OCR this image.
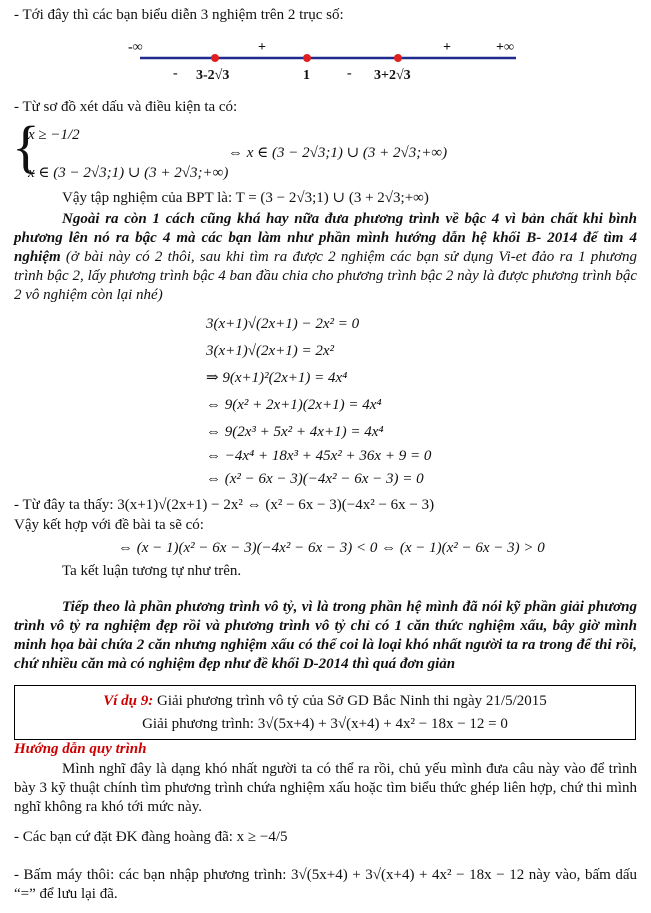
- Tới đây thì các bạn biểu diễn 3 nghiệm trên 2 trục số:
-∞	+∞
+	+
-	-
3-2√3	1	3+2√3
- Từ sơ đồ xét dấu và điều kiện ta có:
{
x ≥ −1/2
x ∈ (3 − 2√3;1) ∪ (3 + 2√3;+∞)
⇔ x ∈ (3 − 2√3;1) ∪ (3 + 2√3;+∞)
Vậy tập nghiệm của BPT là: T = (3 − 2√3;1) ∪ (3 + 2√3;+∞)
Ngoài ra còn 1 cách cũng khá hay nữa đưa phương trình về bậc 4 vì bản chất khi bình phương lên nó ra bậc 4 mà các bạn làm như phần mình hướng dẫn hệ khối B- 2014 để tìm 4 nghiệm (ở bài này có 2 thôi, sau khi tìm ra được 2 nghiệm các bạn sử dụng Vi-et đảo ra 1 phương trình bậc 2, lấy phương trình bậc 4 ban đầu chia cho phương trình bậc 2 này là được phương trình bậc 2 vô nghiệm còn lại nhé)
3(x+1)√(2x+1) − 2x² = 0
3(x+1)√(2x+1) = 2x²
⇒ 9(x+1)²(2x+1) = 4x⁴
⇔ 9(x² + 2x+1)(2x+1) = 4x⁴
⇔ 9(2x³ + 5x² + 4x+1) = 4x⁴
⇔ −4x⁴ + 18x³ + 45x² + 36x + 9 = 0
⇔ (x² − 6x − 3)(−4x² − 6x − 3) = 0
- Từ đây ta thấy: 3(x+1)√(2x+1) − 2x² ⇔ (x² − 6x − 3)(−4x² − 6x − 3)
Vậy kết hợp với đề bài ta sẽ có:
⇔ (x − 1)(x² − 6x − 3)(−4x² − 6x − 3) < 0 ⇔ (x − 1)(x² − 6x − 3) > 0
Ta kết luận tương tự như trên.
Tiếp theo là phần phương trình vô tỷ, vì là trong phần hệ mình đã nói kỹ phần giải phương trình vô tỷ ra nghiệm đẹp rồi và phương trình vô tỷ chỉ có 1 căn thức nghiệm xấu, bây giờ mình minh họa bài chứa 2 căn nhưng nghiệm xấu có thể coi là loại khó nhất người ta ra trong để thi rồi, chứ nhiều căn mà có nghiệm đẹp như đề khối D-2014 thì quá đơn giản
Ví dụ 9: Giải phương trình vô tỷ của Sở GD Bắc Ninh thi ngày 21/5/2015
Giải phương trình: 3√(5x+4) + 3√(x+4) + 4x² − 18x − 12 = 0
Hướng dẫn quy trình
Mình nghĩ đây là dạng khó nhất người ta có thể ra rồi, chủ yếu mình đưa câu này vào để trình bày 3 kỹ thuật chính tìm phương trình chứa nghiệm xấu hoặc tìm biểu thức ghép liên hợp, chứ thi mình nghĩ không ra khó tới mức này.
- Các bạn cứ đặt ĐK đàng hoàng đã: x ≥ −4/5
- Bấm máy thôi: các bạn nhập phương trình: 3√(5x+4) + 3√(x+4) + 4x² − 18x − 12 này vào, bấm dấu “=” để lưu lại đã.
